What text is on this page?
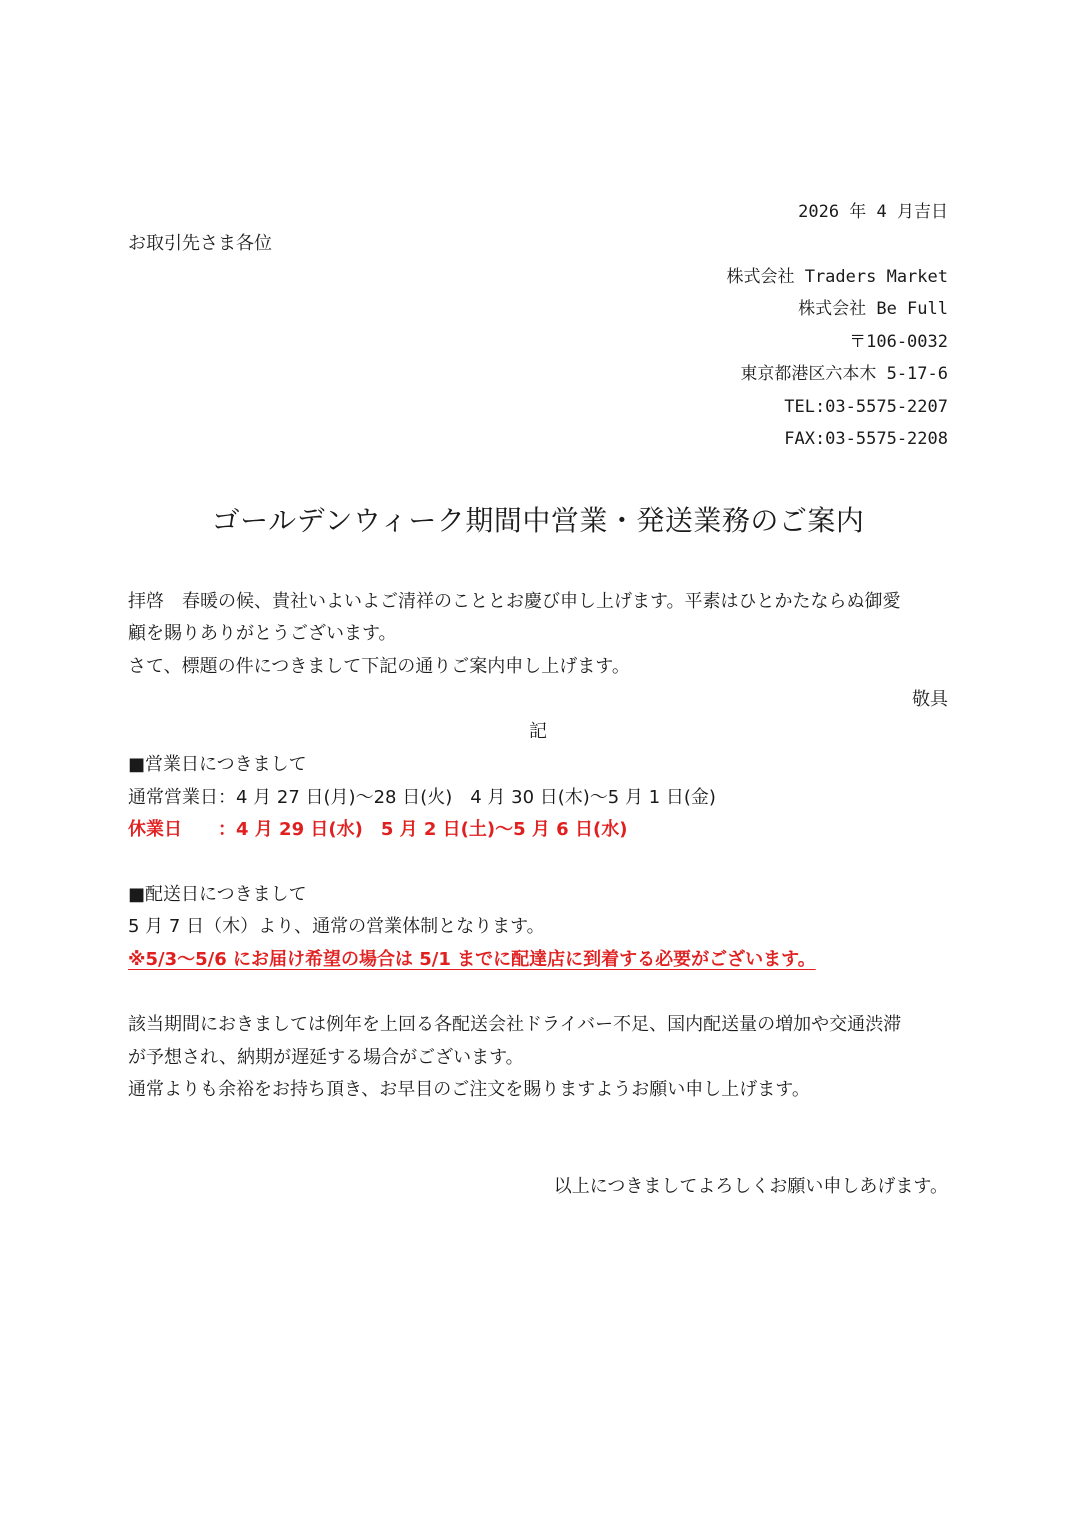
2026 年 4 月吉日
お取引先さま各位
株式会社 Traders Market
株式会社 Be Full
〒106-0032
東京都港区六本木 5-17-6
TEL:03-5575-2207
FAX:03-5575-2208
ゴールデンウィーク期間中営業・発送業務のご案内
拝啓　春暖の候、貴社いよいよご清祥のこととお慶び申し上げます。平素はひとかたならぬ御愛
顧を賜りありがとうございます。
さて、標題の件につきまして下記の通りご案内申し上げます。
敬具
記
■営業日につきまして
通常営業日：4 月 27 日(月)～28 日(火)　4 月 30 日(木)～5 月 1 日(金)
休業日　　：4 月 29 日(水)　5 月 2 日(土)～5 月 6 日(水)
■配送日につきまして
5 月 7 日（木）より、通常の営業体制となります。
※5/3～5/6 にお届け希望の場合は 5/1 までに配達店に到着する必要がございます。
該当期間におきましては例年を上回る各配送会社ドライバー不足、国内配送量の増加や交通渋滞
が予想され、納期が遅延する場合がございます。
通常よりも余裕をお持ち頂き、お早目のご注文を賜りますようお願い申し上げます。
以上につきましてよろしくお願い申しあげます。
